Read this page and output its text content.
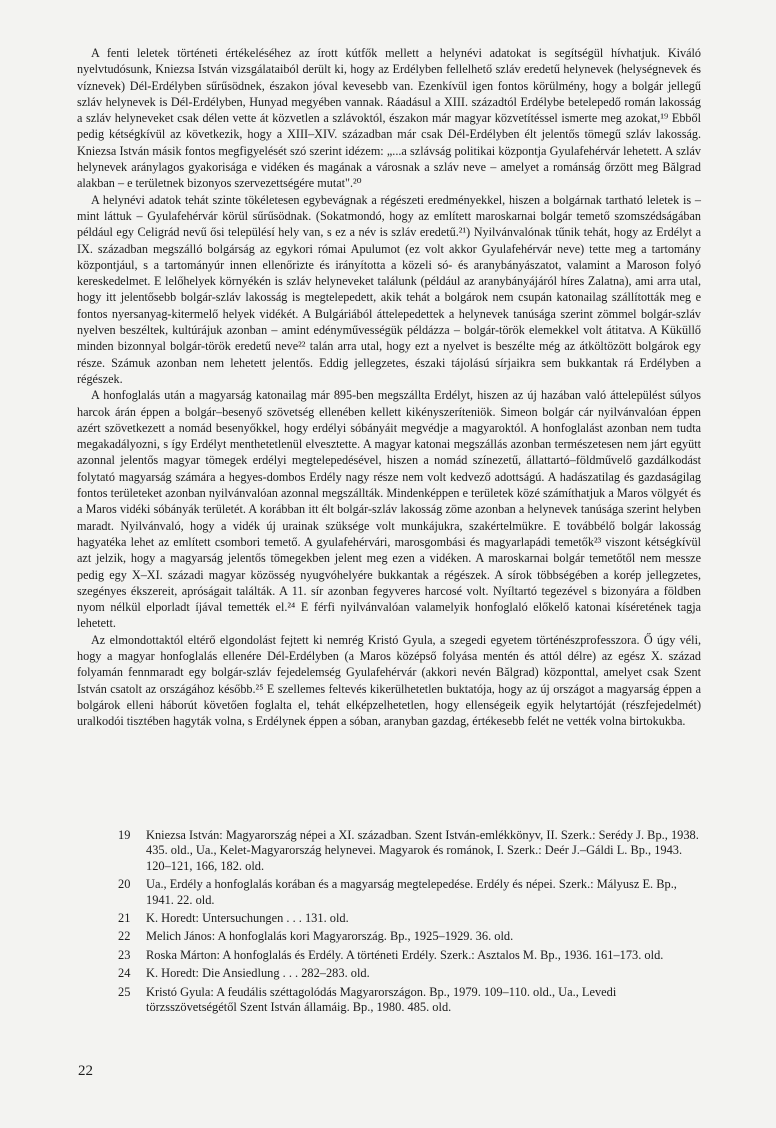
A fenti leletek történeti értékeléséhez az írott kútfők mellett a helynévi adatokat is segítségül hívhatjuk. Kiváló nyelvtudósunk, Kniezsa István vizsgálataiból derült ki, hogy az Erdélyben fellelhető szláv eredetű helynevek (helységnevek és víznevek) Dél-Erdélyben sűrűsödnek, északon jóval kevesebb van. Ezenkívül igen fontos körülmény, hogy a bolgár jellegű szláv helynevek is Dél-Erdélyben, Hunyad megyében vannak. Ráadásul a XIII. századtól Erdélybe betelepedő román lakosság a szláv helyneveket csak délen vette át közvetlen a szlávoktól, északon már magyar közvetítéssel ismerte meg azokat,¹⁹ Ebből pedig kétségkívül az következik, hogy a XIII–XIV. században már csak Dél-Erdélyben élt jelentős tömegű szláv lakosság. Kniezsa István másik fontos megfigyelését szó szerint idézem: „...a szlávság politikai központja Gyulafehérvár lehetett. A szláv helynevek aránylagos gyakorisága e vidéken és magának a városnak a szláv neve – amelyet a románság őrzött meg Bălgrad alakban – e területnek bizonyos szervezettségére mutat".²⁰

A helynévi adatok tehát szinte tökéletesen egybevágnak a régészeti eredményekkel, hiszen a bolgárnak tartható leletek is – mint láttuk – Gyulafehérvár körül sűrűsödnak. (Sokatmondó, hogy az említett maroskarnai bolgár temető szomszédságában például egy Celigrád nevű ősi településí hely van, s ez a név is szláv eredetű.²¹) Nyilvánvalónak tűnik tehát, hogy az Erdélyt a IX. században megszálló bolgárság az egykori római Apulumot (ez volt akkor Gyulafehérvár neve) tette meg a tartomány központjául, s a tartományúr innen ellenőrizte és irányította a közeli só- és aranybányászatot, valamint a Maroson folyó kereskedelmet. E lelőhelyek környékén is szláv helyneveket találunk (például az aranybányájáról híres Zalatna), ami arra utal, hogy itt jelentősebb bolgár-szláv lakosság is megtelepedett, akik tehát a bolgárok nem csupán katonailag szállították meg e fontos nyersanyag-kitermelő helyek vidékét. A Bulgáriából áttelepedettek a helynevek tanúsága szerint zömmel bolgár-szláv nyelven beszéltek, kultúrájuk azonban – amint edényművességük példázza – bolgár-török elemekkel volt átitatva. A Küküllő minden bizonnyal bolgár-török eredetű neve²² talán arra utal, hogy ezt a nyelvet is beszélte még az átköltözött bolgárok egy része. Számuk azonban nem lehetett jelentős. Eddig jellegzetes, északi tájolású sírjaikra sem bukkantak rá Erdélyben a régészek.

A honfoglalás után a magyarság katonailag már 895-ben megszállta Erdélyt, hiszen az új hazában való áttelepülést súlyos harcok árán éppen a bolgár–besenyő szövetség ellenében kellett kikényszeríteniök. Simeon bolgár cár nyilvánvalóan éppen azért szövetkezett a nomád besenyőkkel, hogy erdélyi sóbányáit megvédje a magyaroktól. A honfoglalást azonban nem tudta megakadályozni, s így Erdélyt menthetetlenül elvesztette. A magyar katonai megszállás azonban természetesen nem járt együtt azonnal jelentős magyar tömegek erdélyi megtelepedésével, hiszen a nomád színezetű, állattartó–földművelő gazdálkodást folytató magyarság számára a hegyes-dombos Erdély nagy része nem volt kedvező adottságú. A hadászatilag és gazdaságilag fontos területeket azonban nyilvánvalóan azonnal megszállták. Mindenképpen e területek közé számíthatjuk a Maros völgyét és a Maros vidéki sóbányák területét. A korábban itt élt bolgár-szláv lakosság zöme azonban a helynevek tanúsága szerint helyben maradt. Nyilvánvaló, hogy a vidék új urainak szüksége volt munkájukra, szakértelmükre. E továbbélő bolgár lakosság hagyatéka lehet az említett csombori temető. A gyulafehérvári, marosgombási és magyarlapádi temetők²³ viszont kétségkívül azt jelzik, hogy a magyarság jelentős tömegekben jelent meg ezen a vidéken. A maroskarnai bolgár temetőtől nem messze pedig egy X–XI. századi magyar közösség nyugvóhelyére bukkantak a régészek. A sírok többségében a korép jellegzetes, szegényes ékszereit, apróságait találták. A 11. sír azonban fegyveres harcosé volt. Nyíltartó tegezével s bizonyára a földben nyom nélkül elporladt íjával temették el.²⁴ E férfi nyilvánvalóan valamelyik honfoglaló előkelő katonai kíséretének tagja lehetett.

Az elmondottaktól eltérő elgondolást fejtett ki nemrég Kristó Gyula, a szegedi egyetem történészprofesszora. Ő úgy véli, hogy a magyar honfoglalás ellenére Dél-Erdélyben (a Maros középső folyása mentén és attól délre) az egész X. század folyamán fennmaradt egy bolgár-szláv fejedelemség Gyulafehérvár (akkori nevén Bălgrad) központtal, amelyet csak Szent István csatolt az országához később.²⁵ E szellemes feltevés kikerülhetetlen buktatója, hogy az új országot a magyarság éppen a bolgárok elleni háborút követően foglalta el, tehát elképzelhetetlen, hogy ellenségeik egyik helytartóját (részfejedelmét) uralkodói tisztében hagyták volna, s Erdélynek éppen a sóban, aranyban gazdag, értékesebb felét ne vették volna birtokukba.

19	Kniezsa István: Magyarország népei a XI. században. Szent István-emlékkönyv, II. Szerk.: Serédy J. Bp., 1938. 435. old., Ua., Kelet-Magyarország helynevei. Magyarok és románok, I. Szerk.: Deér J.–Gáldi L. Bp., 1943. 120–121, 166, 182. old.
20	Ua., Erdély a honfoglalás korában és a magyarság megtelepedése. Erdély és népei. Szerk.: Mályusz E. Bp., 1941. 22. old.
21	K. Horedt: Untersuchungen . . . 131. old.
22	Melich János: A honfoglalás kori Magyarország. Bp., 1925–1929. 36. old.
23	Roska Márton: A honfoglalás és Erdély. A történeti Erdély. Szerk.: Asztalos M. Bp., 1936. 161–173. old.
24	K. Horedt: Die Ansiedlung . . . 282–283. old.
25	Kristó Gyula: A feudális széttagolódás Magyarországon. Bp., 1979. 109–110. old., Ua., Levedi törzsszövetségétől Szent István államáig. Bp., 1980. 485. old.
22
